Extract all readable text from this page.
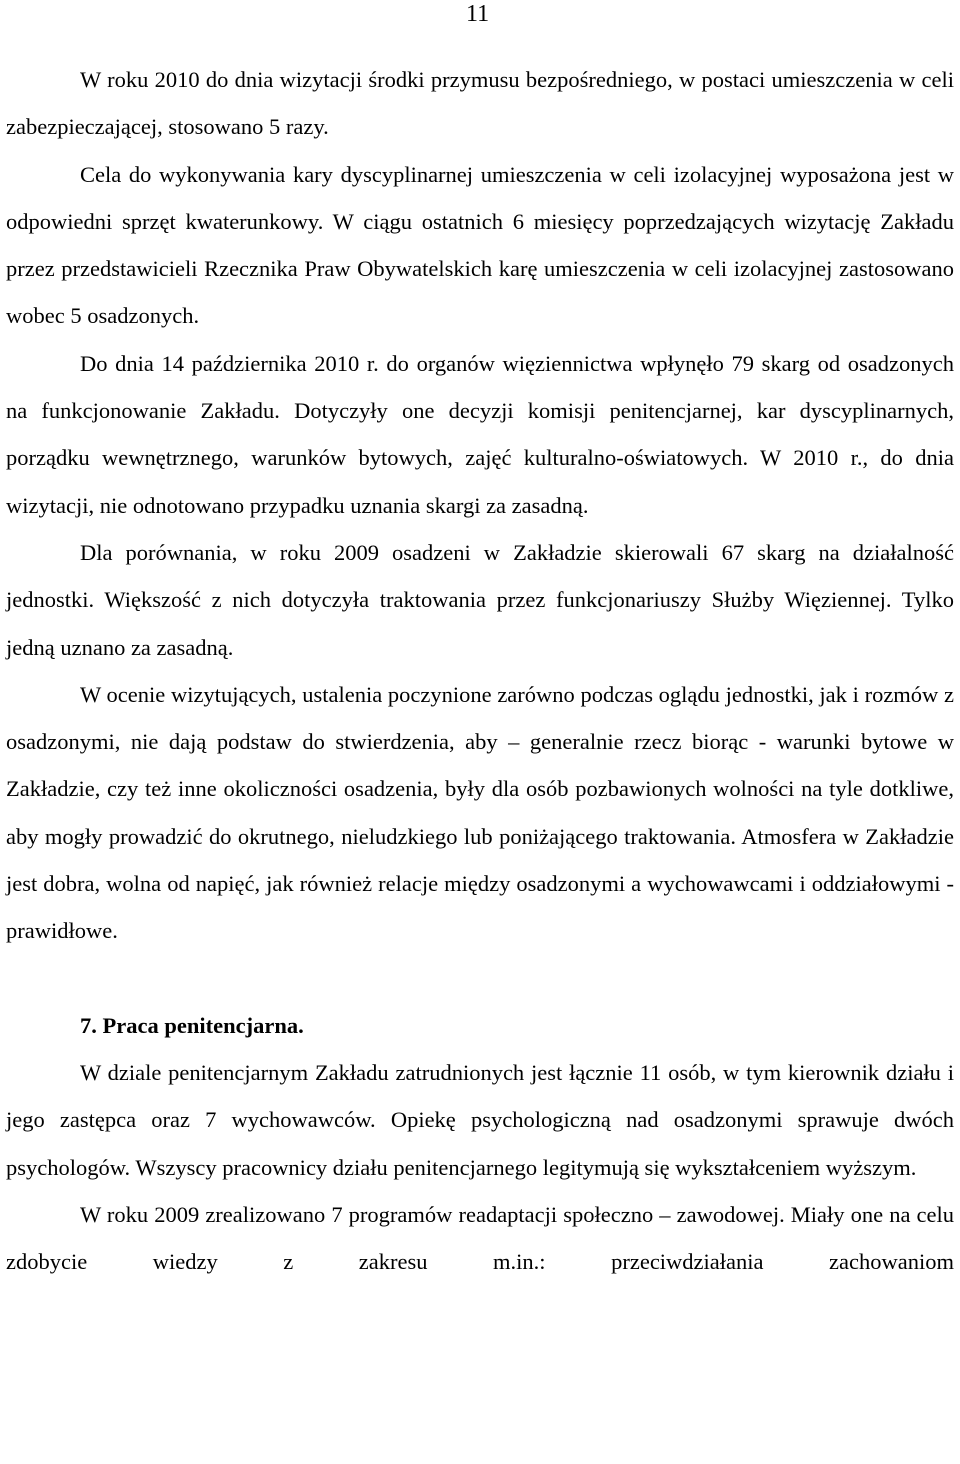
11

W roku 2010 do dnia wizytacji środki przymusu bezpośredniego, w postaci umieszczenia w celi zabezpieczającej, stosowano 5 razy.

Cela do wykonywania kary dyscyplinarnej umieszczenia w celi izolacyjnej wyposażona jest w odpowiedni sprzęt kwaterunkowy. W ciągu ostatnich 6 miesięcy poprzedzających wizytację Zakładu przez przedstawicieli Rzecznika Praw Obywatelskich karę umieszczenia w celi izolacyjnej zastosowano wobec 5 osadzonych.

Do dnia 14 października 2010 r. do organów więziennictwa wpłynęło 79 skarg od osadzonych na funkcjonowanie Zakładu. Dotyczyły one decyzji komisji penitencjarnej, kar dyscyplinarnych, porządku wewnętrznego, warunków bytowych, zajęć kulturalno-oświatowych. W 2010 r., do dnia wizytacji, nie odnotowano przypadku uznania skargi za zasadną.

Dla porównania, w roku 2009 osadzeni w Zakładzie skierowali 67 skarg na działalność jednostki. Większość z nich dotyczyła traktowania przez funkcjonariuszy Służby Więziennej. Tylko jedną uznano za zasadną.

W ocenie wizytujących, ustalenia poczynione zarówno podczas oglądu jednostki, jak i rozmów z osadzonymi, nie dają podstaw do stwierdzenia, aby – generalnie rzecz biorąc - warunki bytowe w Zakładzie, czy też inne okoliczności osadzenia, były dla osób pozbawionych wolności na tyle dotkliwe, aby mogły prowadzić do okrutnego, nieludzkiego lub poniżającego traktowania. Atmosfera w Zakładzie jest dobra, wolna od napięć, jak również relacje między osadzonymi a wychowawcami i oddziałowymi - prawidłowe.

7. Praca penitencjarna.

W dziale penitencjarnym Zakładu zatrudnionych jest łącznie 11 osób, w tym kierownik działu i jego zastępca oraz 7 wychowawców. Opiekę psychologiczną nad osadzonymi sprawuje dwóch psychologów. Wszyscy pracownicy działu penitencjarnego legitymują się wykształceniem wyższym.

W roku 2009 zrealizowano 7 programów readaptacji społeczno – zawodowej. Miały one na celu zdobycie wiedzy z zakresu m.in.: przeciwdziałania zachowaniom
